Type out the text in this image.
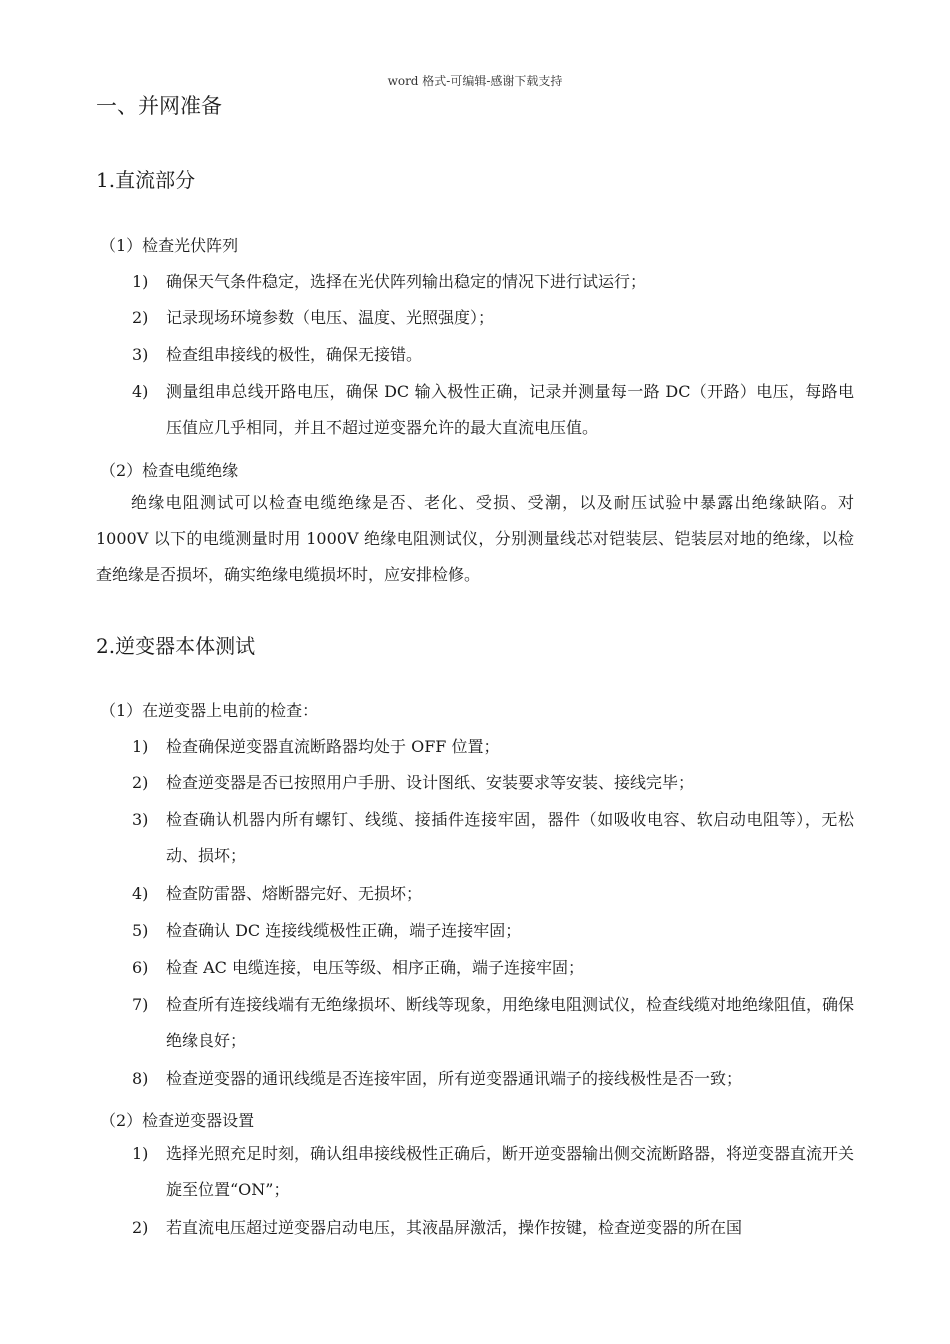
word 格式-可编辑-感谢下载支持
一、并网准备
1.直流部分
（1）检查光伏阵列
1)	确保天气条件稳定，选择在光伏阵列输出稳定的情况下进行试运行；
2)	记录现场环境参数（电压、温度、光照强度）；
3)	检查组串接线的极性，确保无接错。
4)	测量组串总线开路电压，确保 DC 输入极性正确，记录并测量每一路 DC（开路）电压，每路电压值应几乎相同，并且不超过逆变器允许的最大直流电压值。
（2）检查电缆绝缘
绝缘电阻测试可以检查电缆绝缘是否、老化、受损、受潮，以及耐压试验中暴露出绝缘缺陷。对 1000V 以下的电缆测量时用 1000V 绝缘电阻测试仪，分别测量线芯对铠装层、铠装层对地的绝缘，以检查绝缘是否损坏，确实绝缘电缆损坏时，应安排检修。
2.逆变器本体测试
（1）在逆变器上电前的检查：
1)	检查确保逆变器直流断路器均处于 OFF 位置；
2)	检查逆变器是否已按照用户手册、设计图纸、安装要求等安装、接线完毕；
3)	检查确认机器内所有螺钉、线缆、接插件连接牢固，器件（如吸收电容、软启动电阻等），无松动、损坏；
4)	检查防雷器、熔断器完好、无损坏；
5)	检查确认 DC 连接线缆极性正确，端子连接牢固；
6)	检查 AC 电缆连接，电压等级、相序正确，端子连接牢固；
7)	检查所有连接线端有无绝缘损坏、断线等现象，用绝缘电阻测试仪，检查线缆对地绝缘阻值，确保绝缘良好；
8)	检查逆变器的通讯线缆是否连接牢固，所有逆变器通讯端子的接线极性是否一致；
（2）检查逆变器设置
1)	选择光照充足时刻，确认组串接线极性正确后，断开逆变器输出侧交流断路器，将逆变器直流开关旋至位置“ON”；
2)	若直流电压超过逆变器启动电压，其液晶屏激活，操作按键，检查逆变器的所在国
